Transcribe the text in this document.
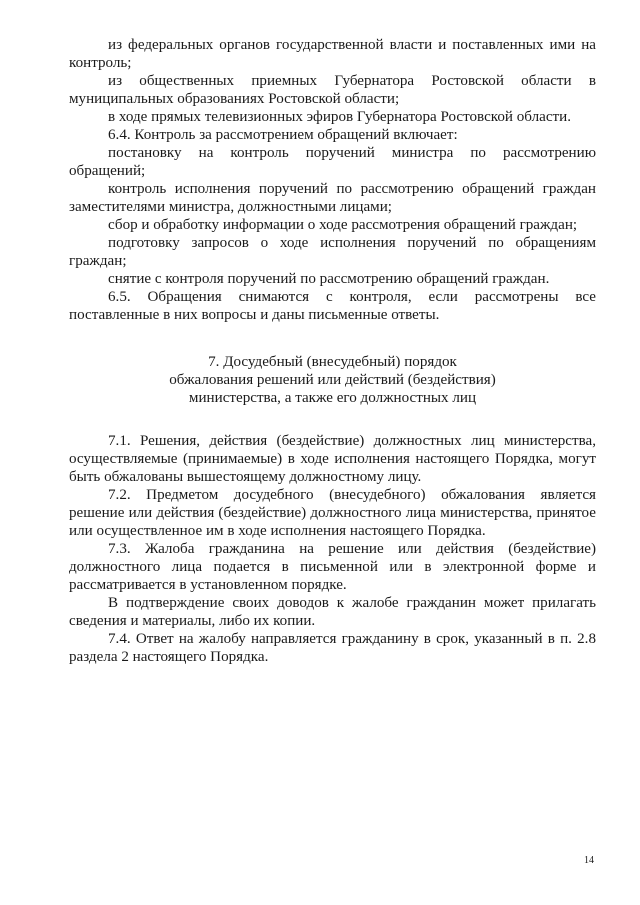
из федеральных органов государственной власти и поставленных ими на контроль;

из общественных приемных Губернатора Ростовской области в муниципальных образованиях Ростовской области;

в ходе прямых телевизионных эфиров Губернатора Ростовской области.

6.4. Контроль за рассмотрением обращений включает:

постановку на контроль поручений министра по рассмотрению обращений;

контроль исполнения поручений по рассмотрению обращений граждан заместителями министра, должностными лицами;

сбор и обработку информации о ходе рассмотрения обращений граждан;

подготовку запросов о ходе исполнения поручений по обращениям граждан;

снятие с контроля поручений по рассмотрению обращений граждан.

6.5. Обращения снимаются с контроля, если рассмотрены все поставленные в них вопросы и даны письменные ответы.

7. Досудебный (внесудебный) порядок
обжалования решений или действий (бездействия)
министерства, а также его должностных лиц

7.1. Решения, действия (бездействие) должностных лиц министерства, осуществляемые (принимаемые) в ходе исполнения настоящего Порядка, могут быть обжалованы вышестоящему должностному лицу.

7.2. Предметом досудебного (внесудебного) обжалования является решение или действия (бездействие) должностного лица министерства, принятое или осуществленное им в ходе исполнения настоящего Порядка.

7.3. Жалоба гражданина на решение или действия (бездействие) должностного лица подается в письменной или в электронной форме и рассматривается в установленном порядке.

В подтверждение своих доводов к жалобе гражданин может прилагать сведения и материалы, либо их копии.

7.4. Ответ на жалобу направляется гражданину в срок, указанный в п. 2.8 раздела 2 настоящего Порядка.

14
